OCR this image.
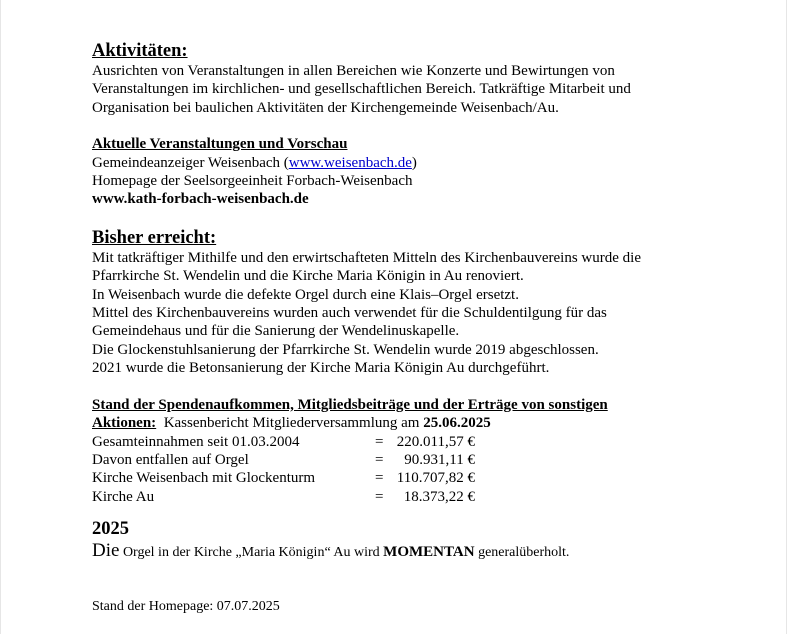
Aktivitäten:
Ausrichten von Veranstaltungen in allen Bereichen wie Konzerte und Bewirtungen von
Veranstaltungen im kirchlichen- und gesellschaftlichen Bereich. Tatkräftige Mitarbeit und
Organisation bei baulichen Aktivitäten der Kirchengemeinde Weisenbach/Au.
Aktuelle Veranstaltungen und Vorschau
Gemeindeanzeiger Weisenbach (www.weisenbach.de)
Homepage der Seelsorgeeinheit Forbach-Weisenbach
www.kath-forbach-weisenbach.de
Bisher erreicht:
Mit tatkräftiger Mithilfe und den erwirtschafteten Mitteln des Kirchenbauvereins wurde die
Pfarrkirche St. Wendelin und die Kirche Maria Königin in Au renoviert.
In Weisenbach wurde die defekte Orgel durch eine Klais–Orgel ersetzt.
Mittel des Kirchenbauvereins wurden auch verwendet für die Schuldentilgung für das
Gemeindehaus und für die Sanierung der Wendelinuskapelle.
Die Glockenstuhlsanierung der Pfarrkirche St. Wendelin wurde 2019 abgeschlossen.
2021 wurde die Betonsanierung der Kirche Maria Königin Au durchgeführt.
Stand der Spendenaufkommen, Mitgliedsbeiträge und der Erträge von sonstigen
Aktionen:  Kassenbericht Mitgliederversammlung am 25.06.2025
Gesamteinnahmen seit 01.03.2004	= 220.011,57 €
Davon entfallen auf Orgel	=	90.931,11 €
Kirche Weisenbach mit Glockenturm	= 110.707,82 €
Kirche Au	=	18.373,22 €
2025
Die Orgel in der Kirche „Maria Königin“ Au wird MOMENTAN generalüberholt.
Stand der Homepage: 07.07.2025
